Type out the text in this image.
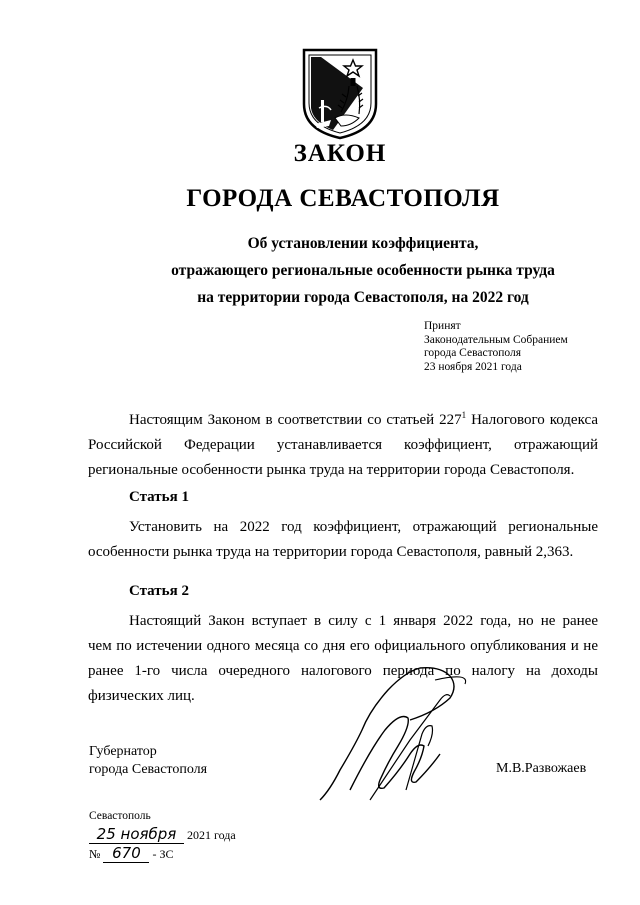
ЗАКОН
ГОРОДА СЕВАСТОПОЛЯ
Об установлении коэффициента,
отражающего региональные особенности рынка труда
на территории города Севастополя, на 2022 год
Принят
Законодательным Собранием
города Севастополя
23 ноября 2021 года
Настоящим Законом в соответствии со статьей $227^1$ Налогового кодекса
Российской Федерации устанавливается коэффициент, отражающий
региональные особенности рынка труда на территории города Севастополя.
Статья 1
Установить на 2022 год коэффициент, отражающий региональные
особенности рынка труда на территории города Севастополя, равный 2,363.
Статья 2
Настоящий Закон вступает в силу с 1 января 2022 года, но не ранее
чем по истечении одного месяца со дня его официального опубликования и не
ранее 1-го числа очередного налогового периода по налогу на доходы
физических лиц.
Губернатор
города Севастополя	М.В.Развожаев
Севастополь
25 ноября 2021 года
№ 670 - ЗС
